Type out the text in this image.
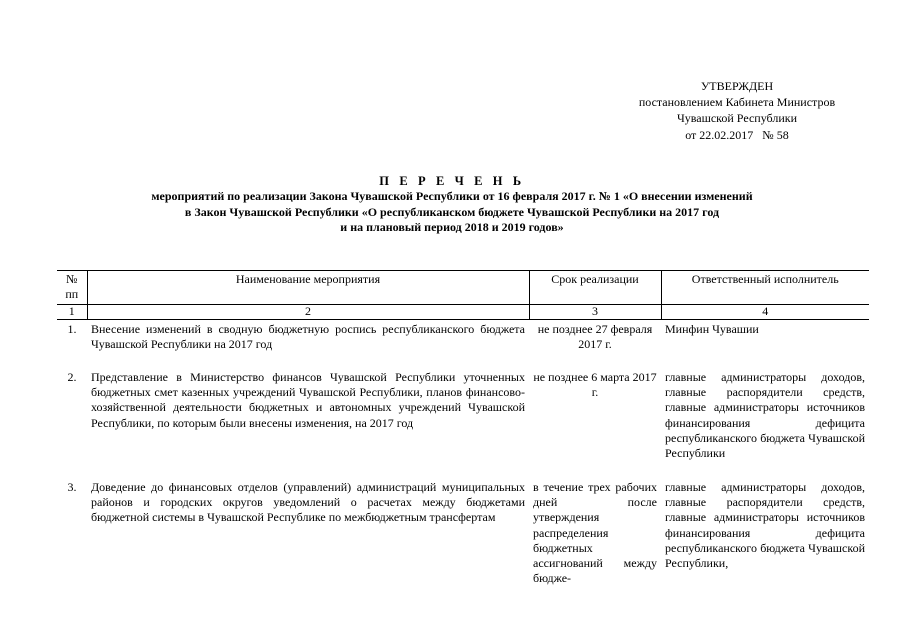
УТВЕРЖДЕН
постановлением Кабинета Министров
Чувашской Республики
от 22.02.2017   № 58
П Е Р Е Ч Е Н Ь
мероприятий по реализации Закона Чувашской Республики от 16 февраля 2017 г. № 1 «О внесении изменений
в Закон Чувашской Республики «О республиканском бюджете Чувашской Республики на 2017 год
и на плановый период 2018 и 2019 годов»
№ пп	Наименование мероприятия	Срок реализации	Ответственный исполнитель
1	2	3	4
1.	Внесение изменений в сводную бюджетную роспись республиканского бюджета Чувашской Республики на 2017 год	не позднее 27 февраля 2017 г.	Минфин Чувашии
2.	Представление в Министерство финансов Чувашской Республики уточненных бюджетных смет казенных учреждений Чувашской Республики, планов финансово-хозяйственной деятельности бюджетных и автономных учреждений Чувашской Республики, по которым были внесены изменения, на 2017 год	не позднее 6 марта 2017 г.	главные администраторы доходов, главные распорядители средств, главные администраторы источников финансирования дефицита республиканского бюджета Чувашской Республики
3.	Доведение до финансовых отделов (управлений) администраций муниципальных районов и городских округов уведомлений о расчетах между бюджетами бюджетной системы в Чувашской Республике по межбюджетным трансфертам	в течение трех рабочих дней после утверждения распределения бюджетных ассигнований между бюдже-	главные администраторы доходов, главные распорядители средств, главные администраторы источников финансирования дефицита республиканского бюджета Чувашской Республики,
